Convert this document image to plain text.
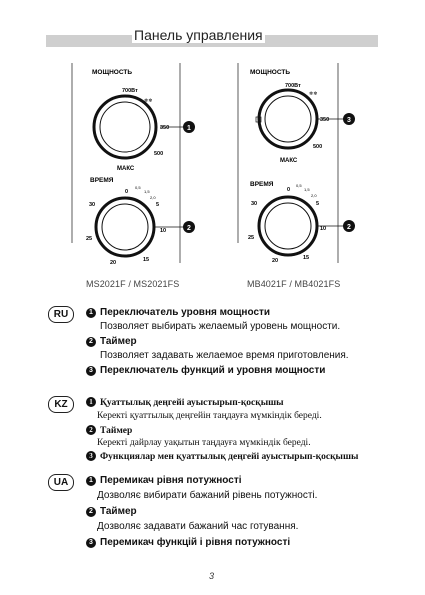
Панель управления
МОЩНОСТЬ
700Вт
350
500
МАКС
❄❄
1
ВРЕМЯ
0
0,5
1,5
2,0
5
10
15
20
25
30
2
МОЩНОСТЬ
700Вт
350
500
МАКС
❄❄
3
ВРЕМЯ
0
0,5
1,5
2,0
5
10
15
20
25
30
2
MS2021F / MS2021FS	MB4021F / MB4021FS
RU	1 Переключатель уровня мощности
Позволяет выбирать желаемый уровень мощности.
2 Таймер
Позволяет задавать желаемое время приготовления.
3 Переключатель функций и уровня мощности
KZ	1 Қуаттылық деңгейі ауыстырып-қосқышы
Керекті қуаттылық деңгейін таңдауға мүмкіндік береді.
2 Таймер
Керекті дайрлау уақытын таңдауға мүмкіндік береді.
3 Функциялар мен қуаттылық деңгейі ауыстырып-қосқышы
UA	1 Перемикач рівня потужності
Дозволяє вибирати бажаний рівень потужності.
2 Таймер
Дозволяє задавати бажаний час готування.
3 Перемикач функцій і рівня потужності
3
